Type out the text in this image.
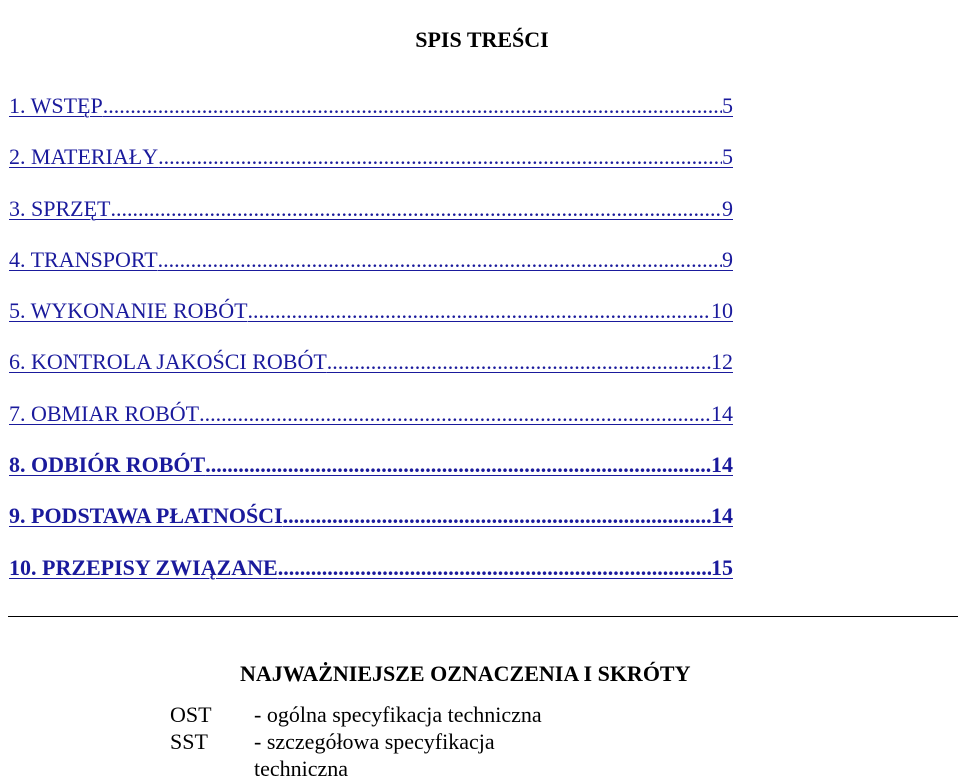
SPIS TREŚCI
1. WSTĘP .....	5
2. MATERIAŁY .....	5
3. SPRZĘT .....	9
4. TRANSPORT .....	9
5. WYKONANIE ROBÓT .....	10
6. KONTROLA JAKOŚCI ROBÓT .....	12
7. OBMIAR ROBÓT .....	14
8. ODBIÓR ROBÓT .....	14
9. PODSTAWA PŁATNOŚCI .....	14
10. PRZEPISY ZWIĄZANE .....	15
NAJWAŻNIEJSZE OZNACZENIA I SKRÓTY
OST	- ogólna specyfikacja techniczna
SST	- szczegółowa specyfikacja techniczna
